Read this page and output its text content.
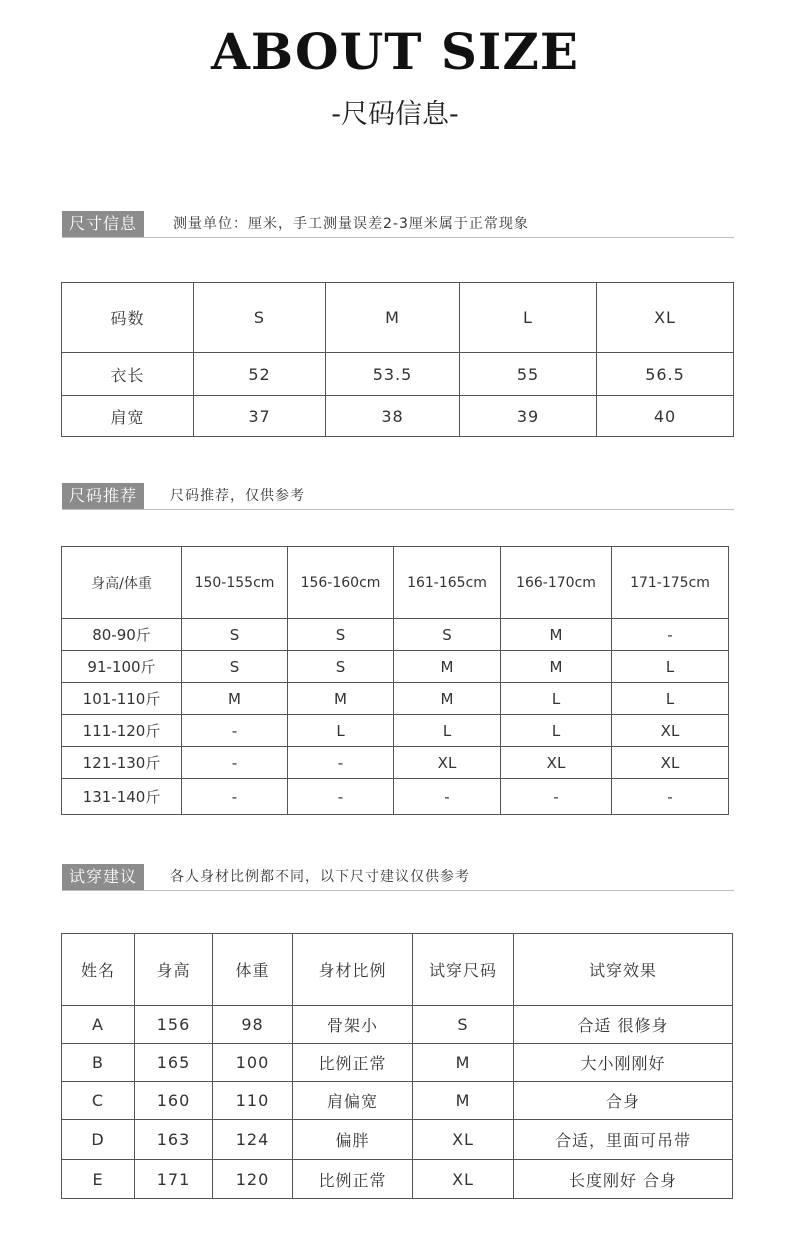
ABOUT SIZE
-尺码信息-
尺寸信息	测量单位：厘米，手工测量误差2-3厘米属于正常现象
码数	S	M	L	XL
衣长	52	53.5	55	56.5
肩宽	37	38	39	40
尺码推荐	尺码推荐，仅供参考
身高/体重	150-155cm	156-160cm	161-165cm	166-170cm	171-175cm
80-90斤	S	S	S	M	-
91-100斤	S	S	M	M	L
101-110斤	M	M	M	L	L
111-120斤	-	L	L	L	XL
121-130斤	-	-	XL	XL	XL
131-140斤	-	-	-	-	-
试穿建议	各人身材比例都不同，以下尺寸建议仅供参考
姓名	身高	体重	身材比例	试穿尺码	试穿效果
A	156	98	骨架小	S	合适 很修身
B	165	100	比例正常	M	大小刚刚好
C	160	110	肩偏宽	M	合身
D	163	124	偏胖	XL	合适，里面可吊带
E	171	120	比例正常	XL	长度刚好 合身
